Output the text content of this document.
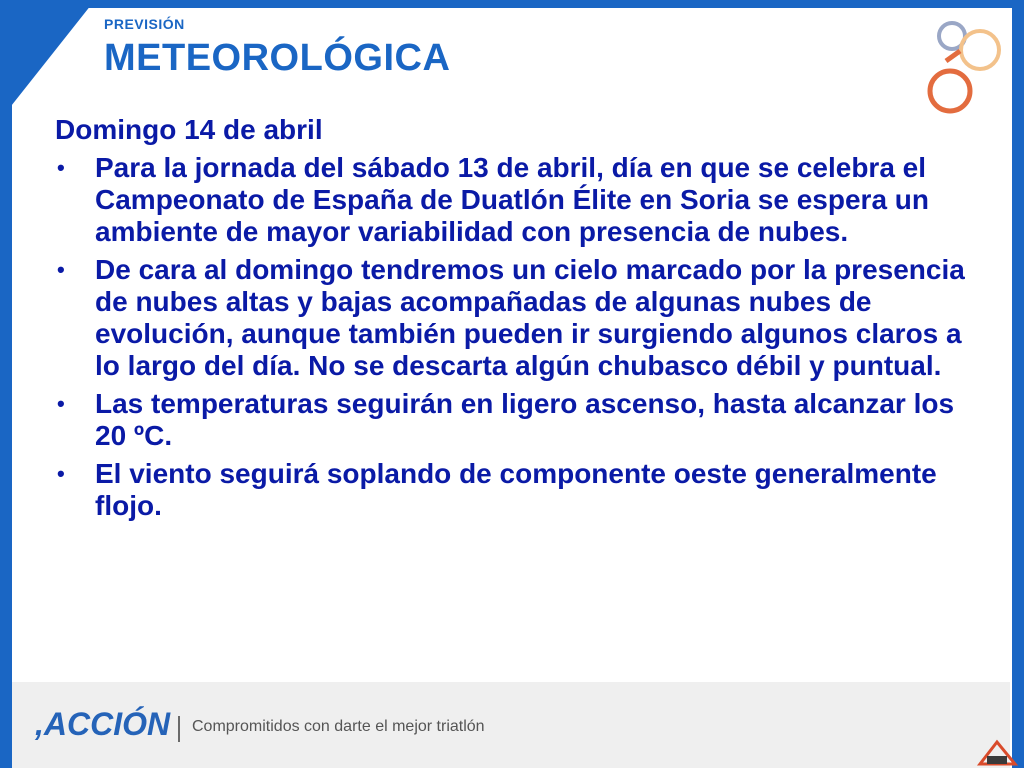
PREVISIÓN
METEOROLÓGICA
Domingo 14 de abril
• Para la jornada del sábado 13 de abril, día en que se celebra el Campeonato de España de Duatlón Élite en Soria se espera un ambiente de mayor variabilidad con presencia de nubes.
• De cara al domingo tendremos un cielo marcado por la presencia de nubes altas y bajas acompañadas de algunas nubes de evolución, aunque también pueden ir surgiendo algunos claros a lo largo del día. No se descarta algún chubasco débil y puntual.
• Las temperaturas seguirán en ligero ascenso, hasta alcanzar los 20 ºC.
• El viento seguirá soplando de componente oeste generalmente flojo.
,ACCIÓN Compromitidos con darte el mejor triatlón
